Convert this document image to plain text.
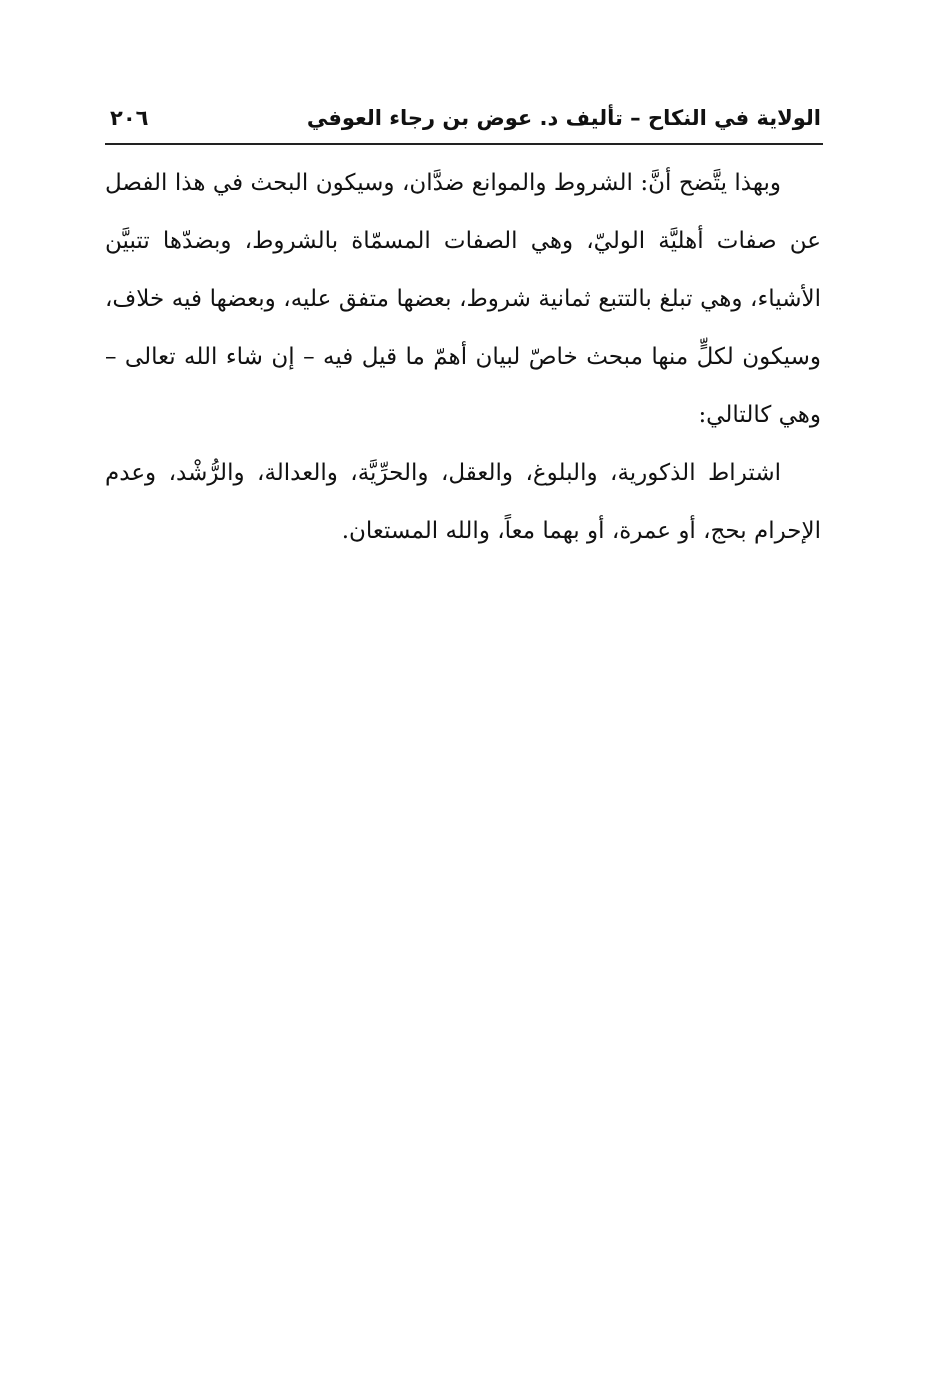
الولاية في النكاح – تأليف د. عوض بن رجاء العوفي
٢٠٦

وبهذا يتَّضح أنَّ: الشروط والموانع ضدَّان، وسيكون البحث في هذا الفصل عن صفات أهليَّة الوليّ، وهي الصفات المسمّاة بالشروط، وبضدّها تتبيَّن الأشياء، وهي تبلغ بالتتبع ثمانية شروط، بعضها متفق عليه، وبعضها فيه خلاف، وسيكون لكلٍّ منها مبحث خاصّ لبيان أهمّ ما قيل فيه – إن شاء الله تعالى – وهي كالتالي:

اشتراط الذكورية، والبلوغ، والعقل، والحرِّيَّة، والعدالة، والرُّشْد، وعدم الإحرام بحج، أو عمرة، أو بهما معاً، والله المستعان.
